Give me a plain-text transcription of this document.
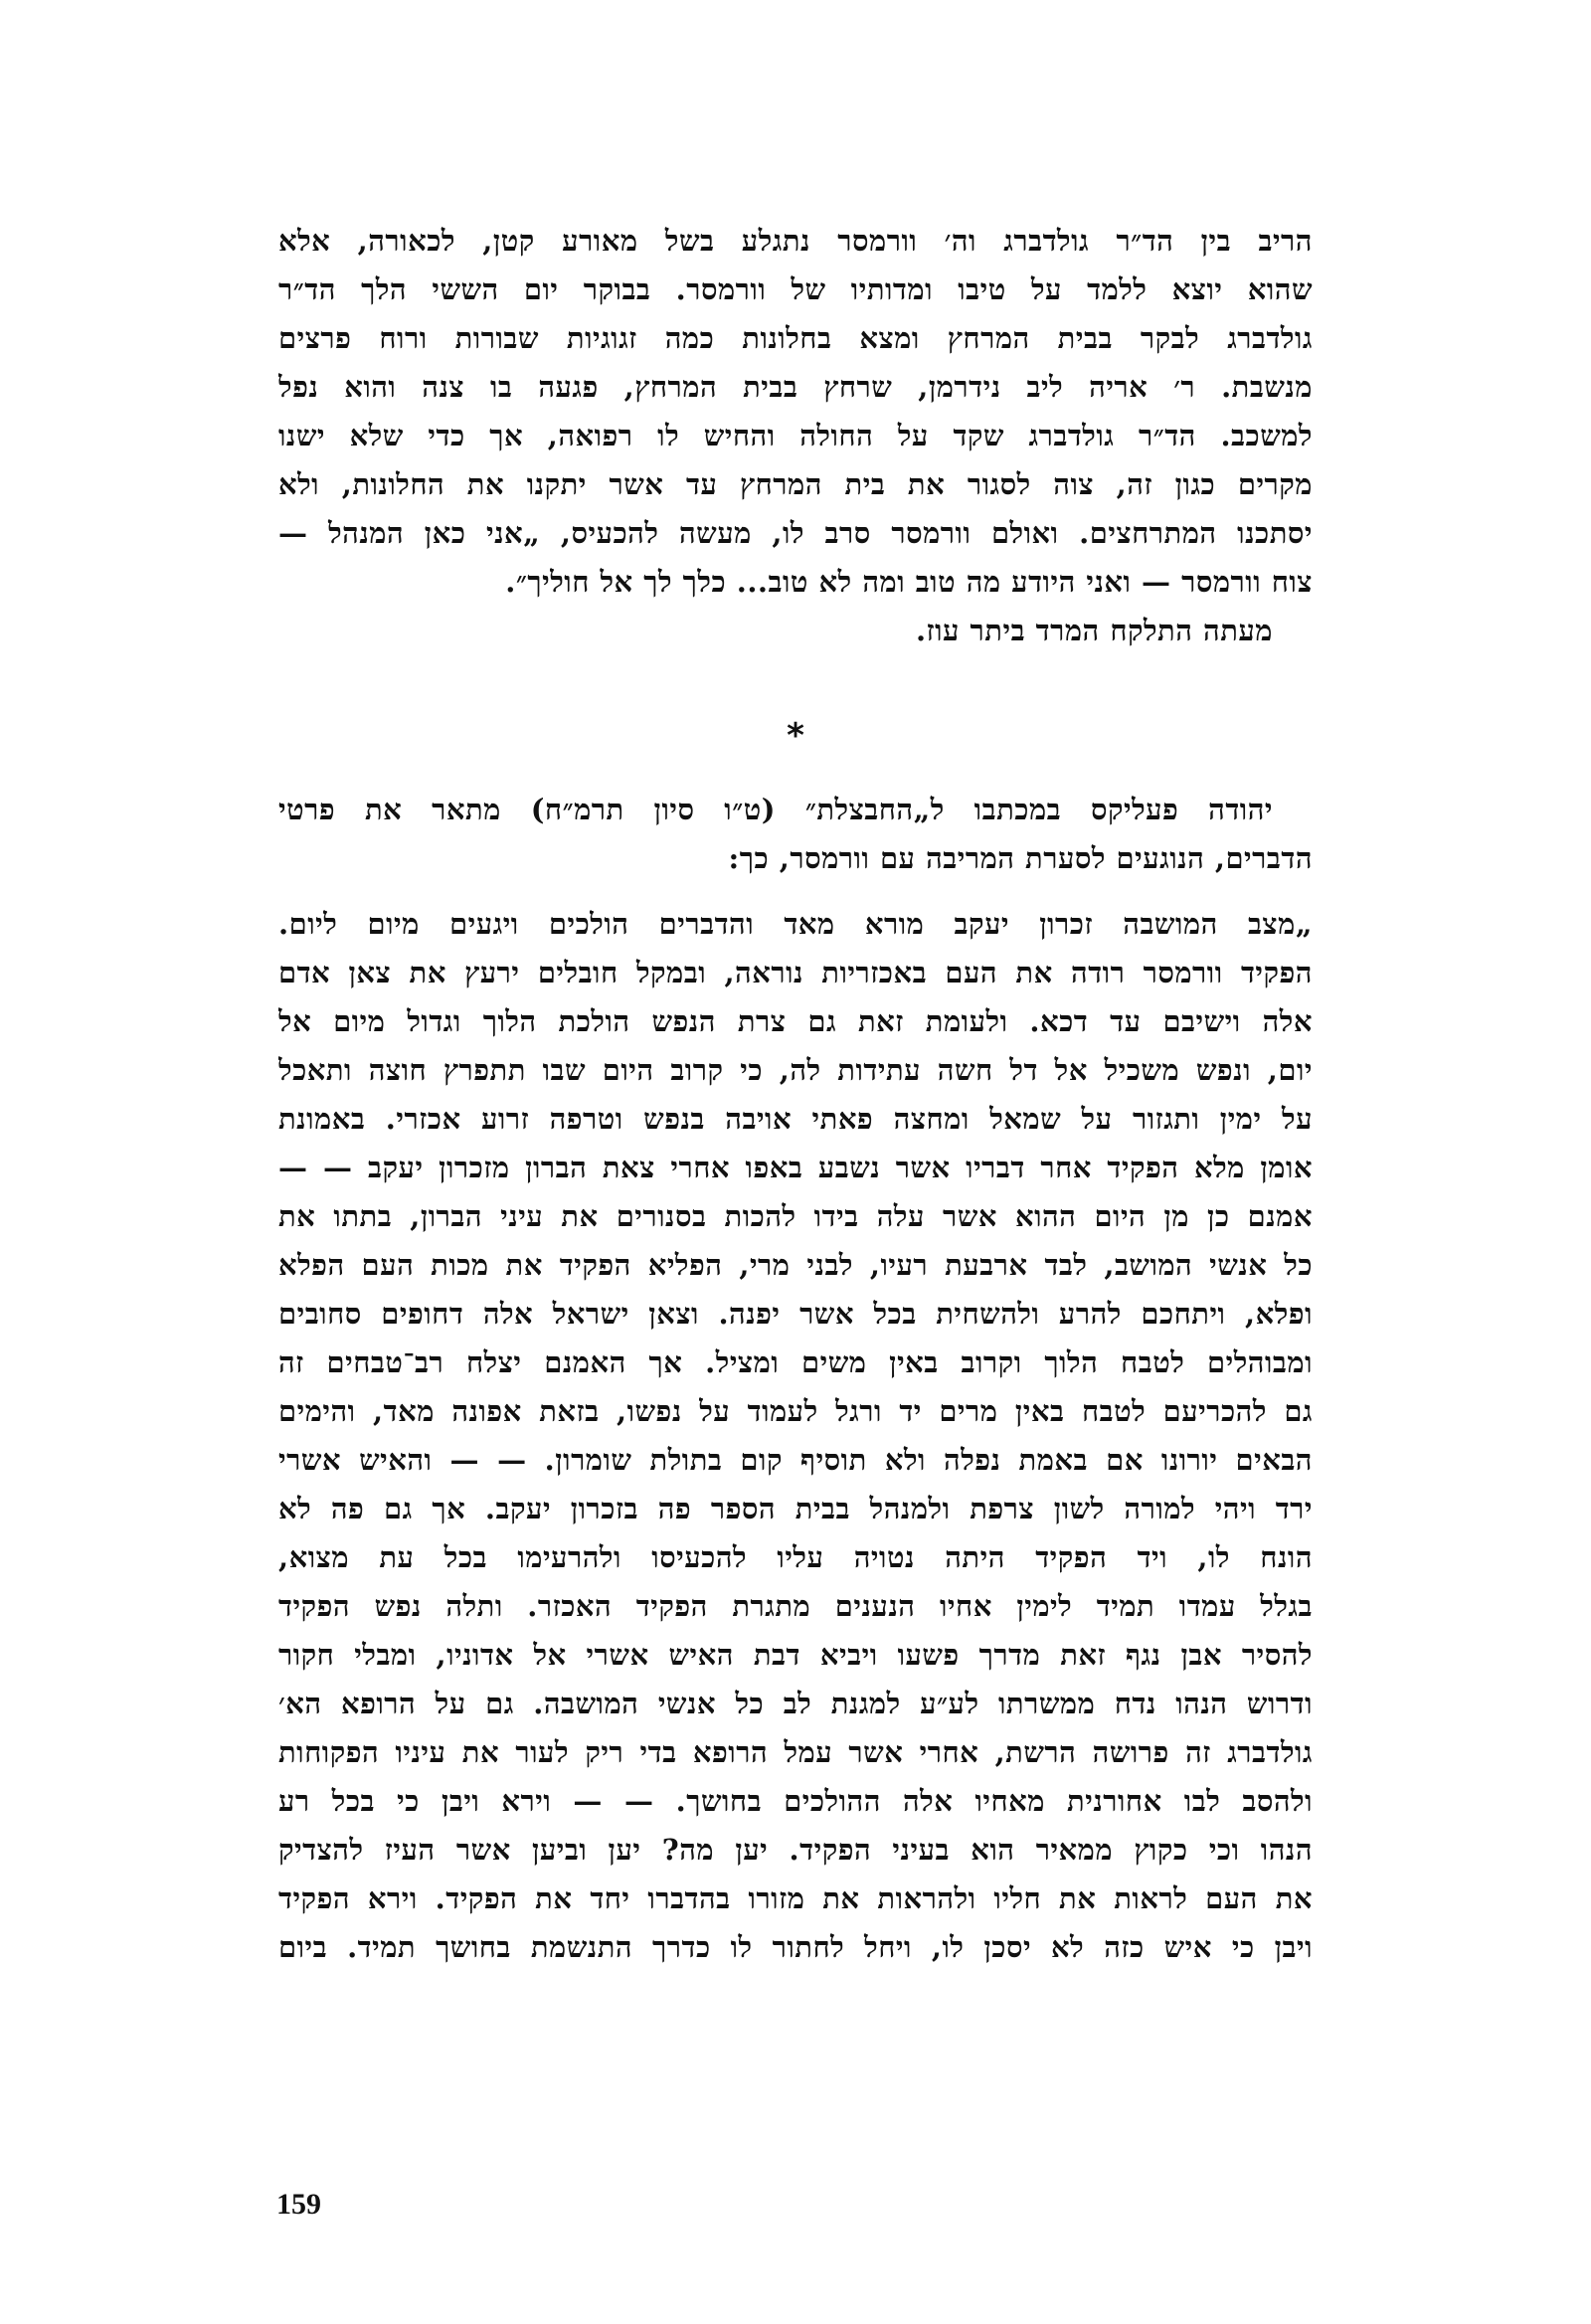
הריב בין הד״ר גולדברג וה׳ וורמסר נתגלע בשל מאורע קטן, לכאורה, אלא
שהוא יוצא ללמד על טיבו ומדותיו של וורמסר. בבוקר יום הששי הלך הד״ר
גולדברג לבקר בבית המרחץ ומצא בחלונות כמה זגוגיות שבורות ורוח פרצים
מנשבת. ר׳ אריה ליב נידרמן, שרחץ בבית המרחץ, פגעה בו צנה והוא נפל
למשכב. הד״ר גולדברג שקד על החולה והחיש לו רפואה, אך כדי שלא ישנו
מקרים כגון זה, צוה לסגור את בית המרחץ עד אשר יתקנו את החלונות, ולא
יסתכנו המתרחצים. ואולם וורמסר סרב לו, מעשה להכעיס, „אני כאן המנהל —
צוח וורמסר — ואני היודע מה טוב ומה לא טוב... כלך לך אל חוליך״.
מעתה התלקח המרד ביתר עוז.
*
יהודה פעליקס במכתבו ל„החבצלת״ (ט״ו סיון תרמ״ח) מתאר את פרטי
הדברים, הנוגעים לסערת המריבה עם וורמסר, כך:
„מצב המושבה זכרון יעקב מורא מאד והדברים הולכים ויגעים מיום ליום.
הפקיד וורמסר רודה את העם באכזריות נוראה, ובמקל חובלים ירעץ את צאן אדם
אלה וישיבם עד דכא. ולעומת זאת גם צרת הנפש הולכת הלוך וגדול מיום אל
יום, ונפש משכיל אל דל חשה עתידות לה, כי קרוב היום שבו תתפרץ חוצה ותאכל
על ימין ותגזור על שמאל ומחצה פאתי אויבה בנפש וטרפה זרוע אכזרי. באמונת
אומן מלא הפקיד אחר דבריו אשר נשבע באפו אחרי צאת הברון מזכרון יעקב — —
אמנם כן מן היום ההוא אשר עלה בידו להכות בסנורים את עיני הברון, בתתו את
כל אנשי המושב, לבד ארבעת רעיו, לבני מרי, הפליא הפקיד את מכות העם הפלא
ופלא, ויתחכם להרע ולהשחית בכל אשר יפנה. וצאן ישראל אלה דחופים סחובים
ומבוהלים לטבח הלוך וקרוב באין משים ומציל. אך האמנם יצלח רב־טבחים זה
גם להכריעם לטבח באין מרים יד ורגל לעמוד על נפשו, בזאת אפונה מאד, והימים
הבאים יורונו אם באמת נפלה ולא תוסיף קום בתולת שומרון. — — והאיש אשרי
ירד ויהי למורה לשון צרפת ולמנהל בבית הספר פה בזכרון יעקב. אך גם פה לא
הונח לו, ויד הפקיד היתה נטויה עליו להכעיסו ולהרעימו בכל עת מצוא,
בגלל עמדו תמיד לימין אחיו הנענים מתגרת הפקיד האכזר. ותלה נפש הפקיד
להסיר אבן נגף זאת מדרך פשעו ויביא דבת האיש אשרי אל אדוניו, ומבלי חקור
ודרוש הנהו נדח ממשרתו לע״ע למגנת לב כל אנשי המושבה. גם על הרופא הא׳
גולדברג זה פרושה הרשת, אחרי אשר עמל הרופא בדי ריק לעור את עיניו הפקוחות
ולהסב לבו אחורנית מאחיו אלה ההולכים בחושך. — — וירא ויבן כי בכל רע
הנהו וכי כקוץ ממאיר הוא בעיני הפקיד. יען מה? יען וביען אשר העיז להצדיק
את העם לראות את חליו ולהראות את מזורו בהדברו יחד את הפקיד. וירא הפקיד
ויבן כי איש כזה לא יסכן לו, ויחל לחתור לו כדרך התנשמת בחושך תמיד. ביום
159
